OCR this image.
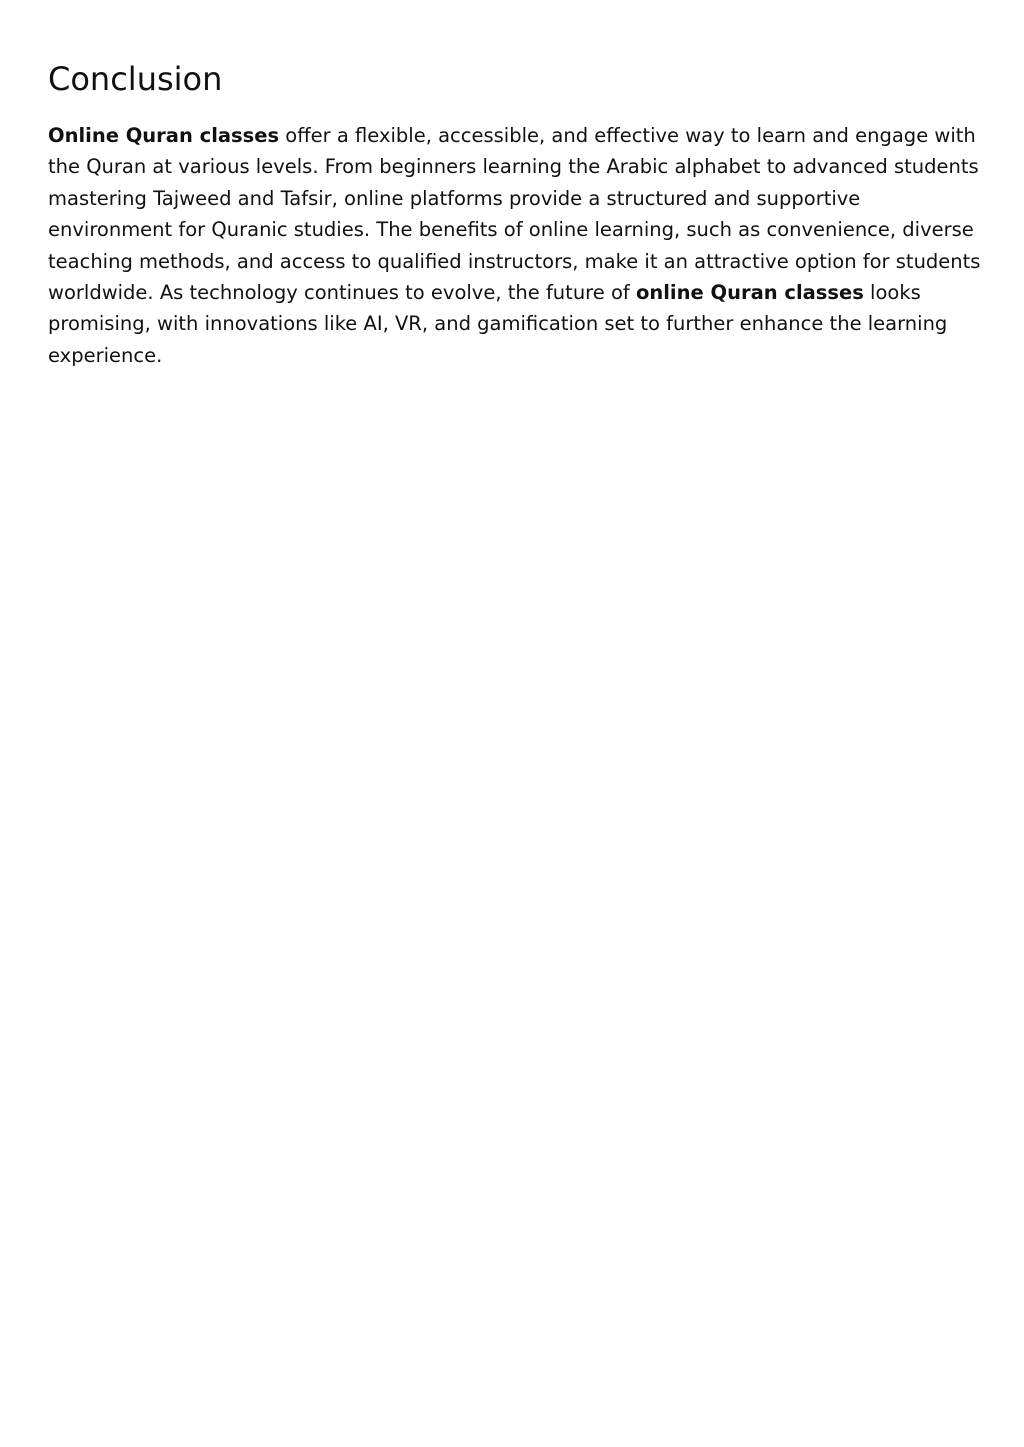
Conclusion

Online Quran classes offer a flexible, accessible, and effective way to learn and engage with the Quran at various levels. From beginners learning the Arabic alphabet to advanced students mastering Tajweed and Tafsir, online platforms provide a structured and supportive environment for Quranic studies. The benefits of online learning, such as convenience, diverse teaching methods, and access to qualified instructors, make it an attractive option for students worldwide. As technology continues to evolve, the future of online Quran classes looks promising, with innovations like AI, VR, and gamification set to further enhance the learning experience.
